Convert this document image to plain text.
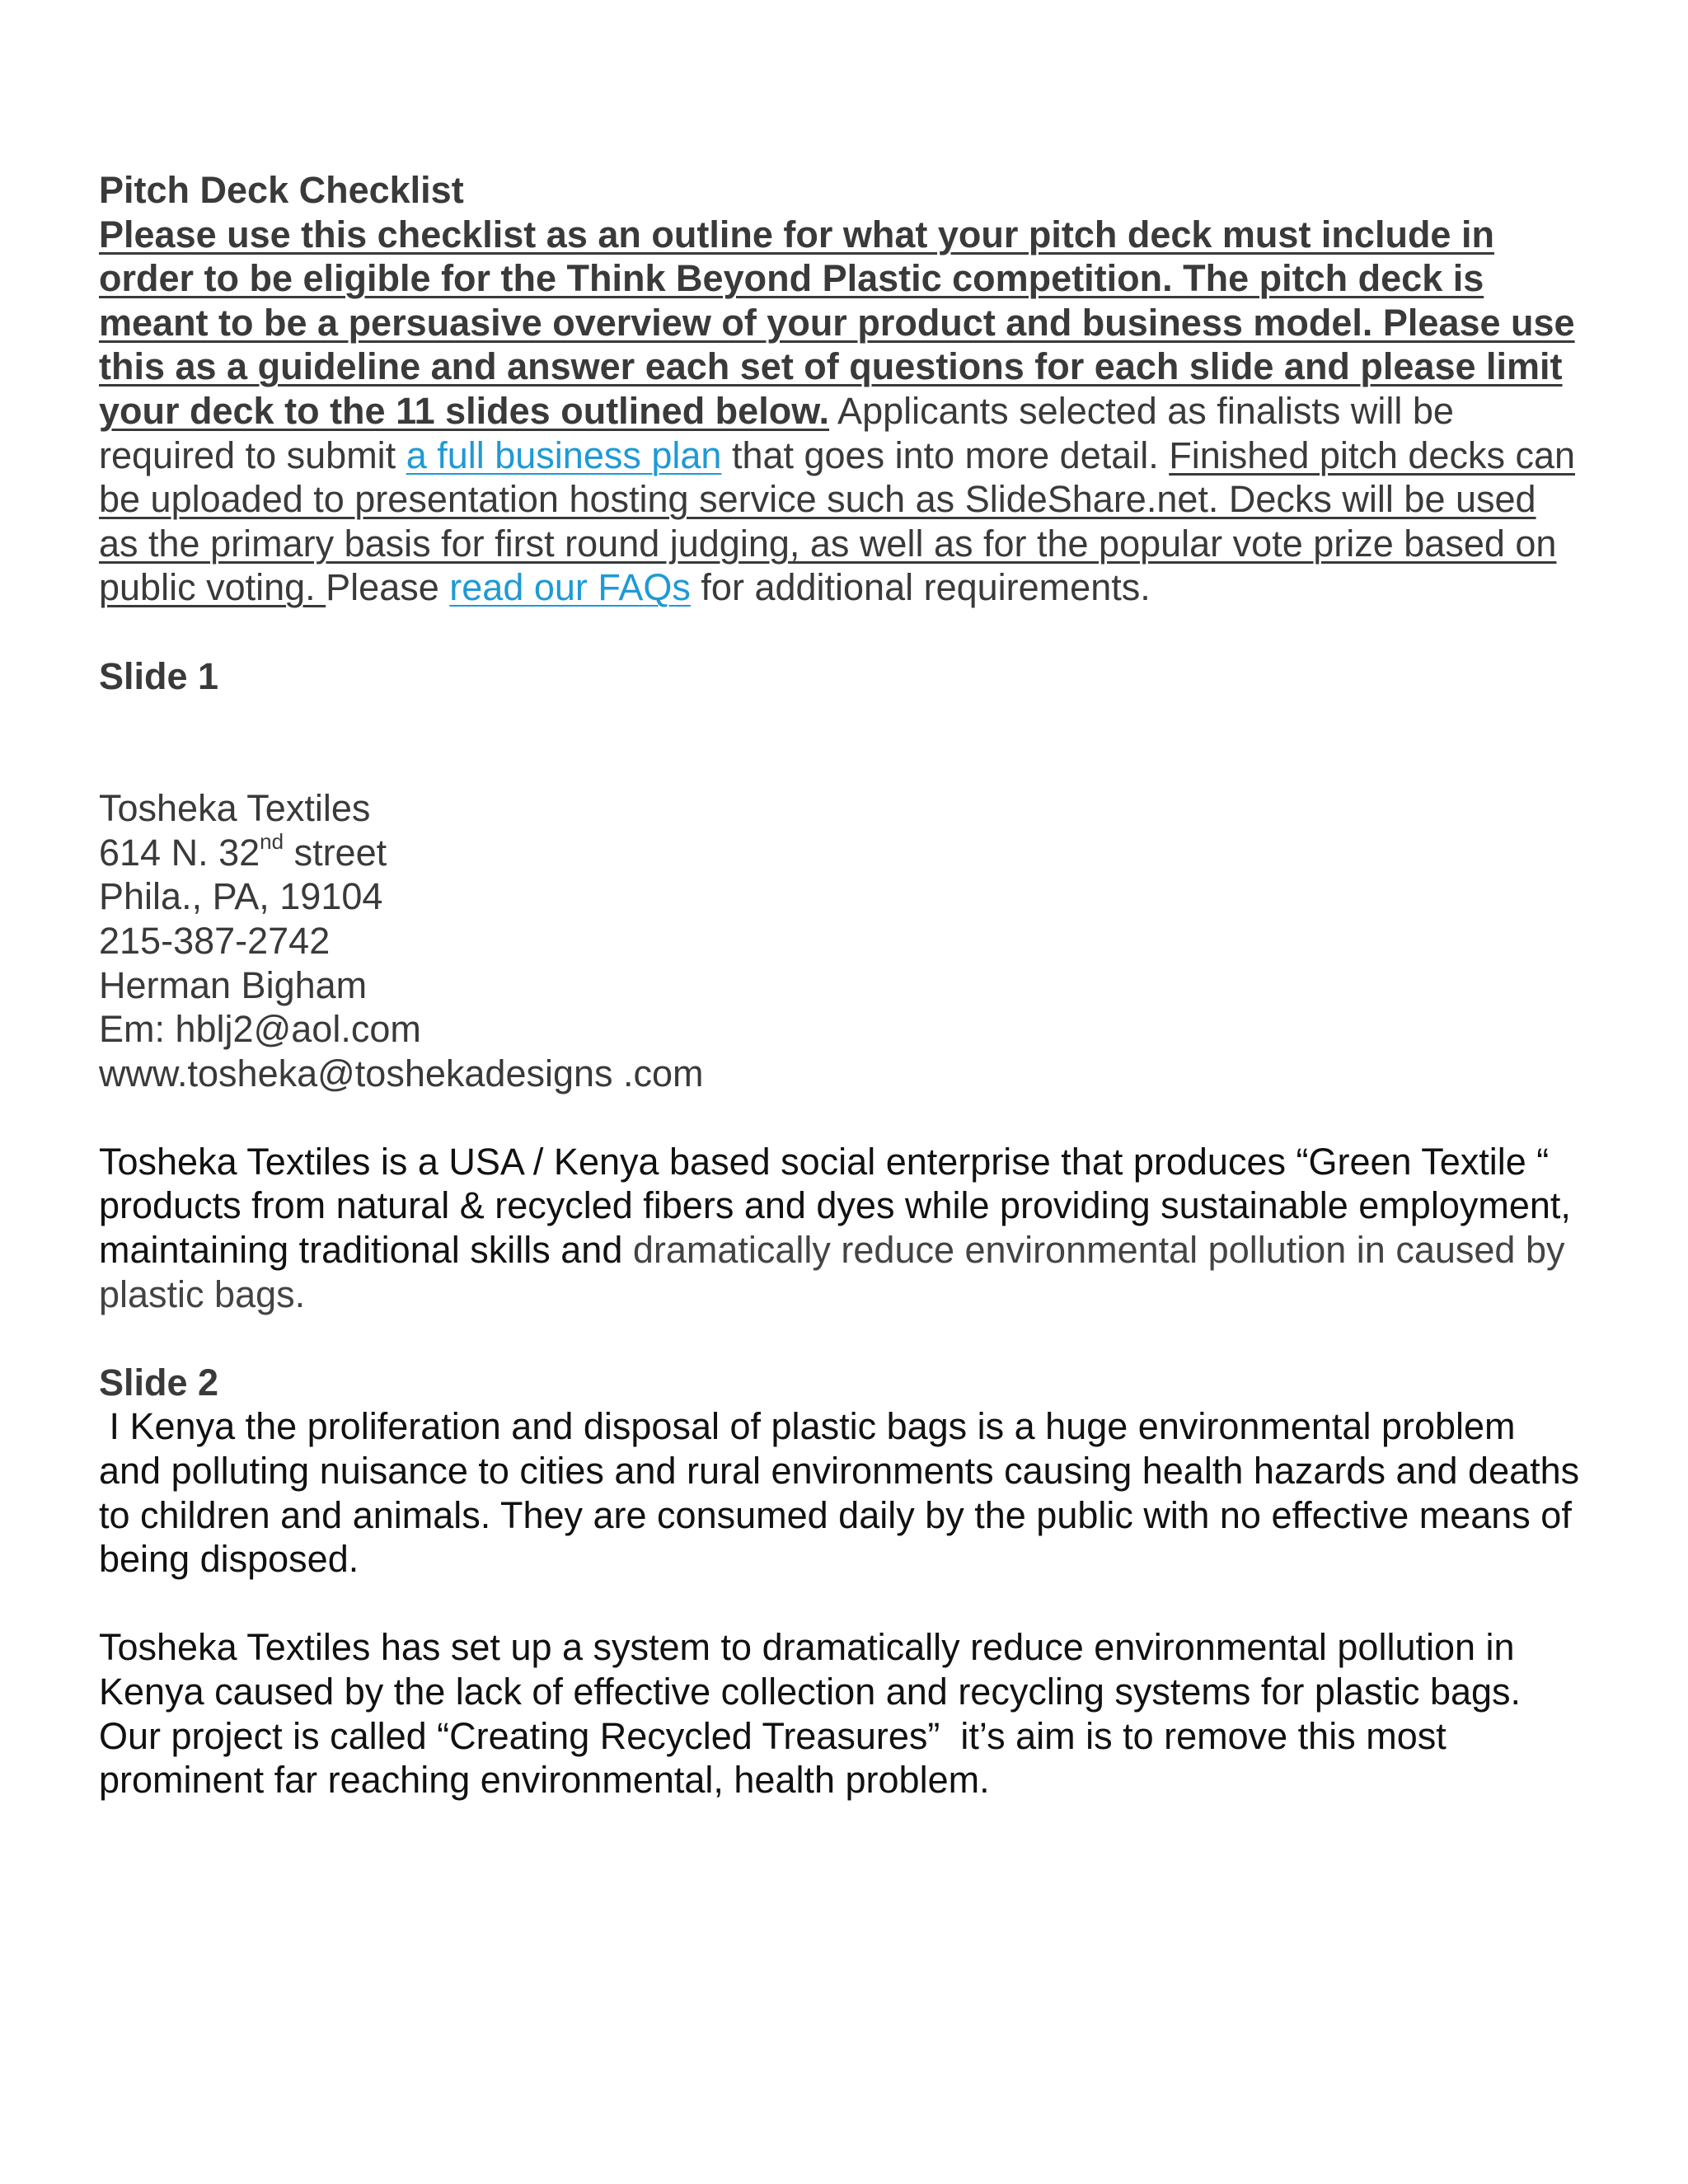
Pitch Deck Checklist
Please use this checklist as an outline for what your pitch deck must include in order to be eligible for the Think Beyond Plastic competition. The pitch deck is meant to be a persuasive overview of your product and business model. Please use this as a guideline and answer each set of questions for each slide and please limit your deck to the 11 slides outlined below. Applicants selected as finalists will be required to submit a full business plan that goes into more detail. Finished pitch decks can be uploaded to presentation hosting service such as SlideShare.net. Decks will be used as the primary basis for first round judging, as well as for the popular vote prize based on public voting. Please read our FAQs for additional requirements.
Slide 1
Tosheka Textiles
614 N. 32nd street
Phila., PA, 19104
215-387-2742
Herman Bigham
Em: hblj2@aol.com
www.tosheka@toshekadesigns .com
Tosheka Textiles is a USA / Kenya based social enterprise that produces “Green Textile “ products from natural & recycled fibers and dyes while providing sustainable employment, maintaining traditional skills and dramatically reduce environmental pollution in caused by plastic bags.
Slide 2
I Kenya the proliferation and disposal of plastic bags is a huge environmental problem and polluting nuisance to cities and rural environments causing health hazards and deaths to children and animals. They are consumed daily by the public with no effective means of being disposed.
Tosheka Textiles has set up a system to dramatically reduce environmental pollution in Kenya caused by the lack of effective collection and recycling systems for plastic bags. Our project is called “Creating Recycled Treasures”  it’s aim is to remove this most prominent far reaching environmental, health problem.
